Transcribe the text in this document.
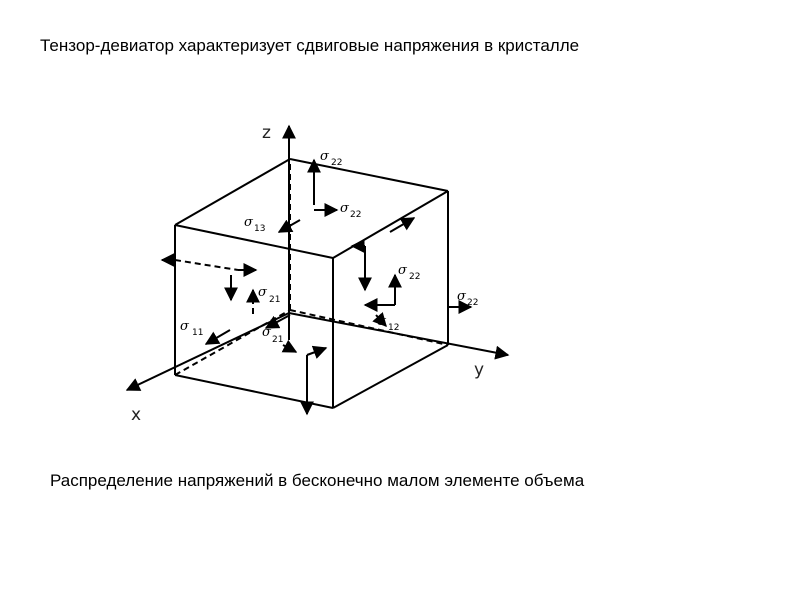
Тензор-девиатор характеризует сдвиговые напряжения в кристалле
z
y
x
σ 22
σ 22
σ 13
σ 22
σ 21	σ 22
σ 11	σ 21
σ 12
Распределение напряжений в бесконечно малом элементе объема
